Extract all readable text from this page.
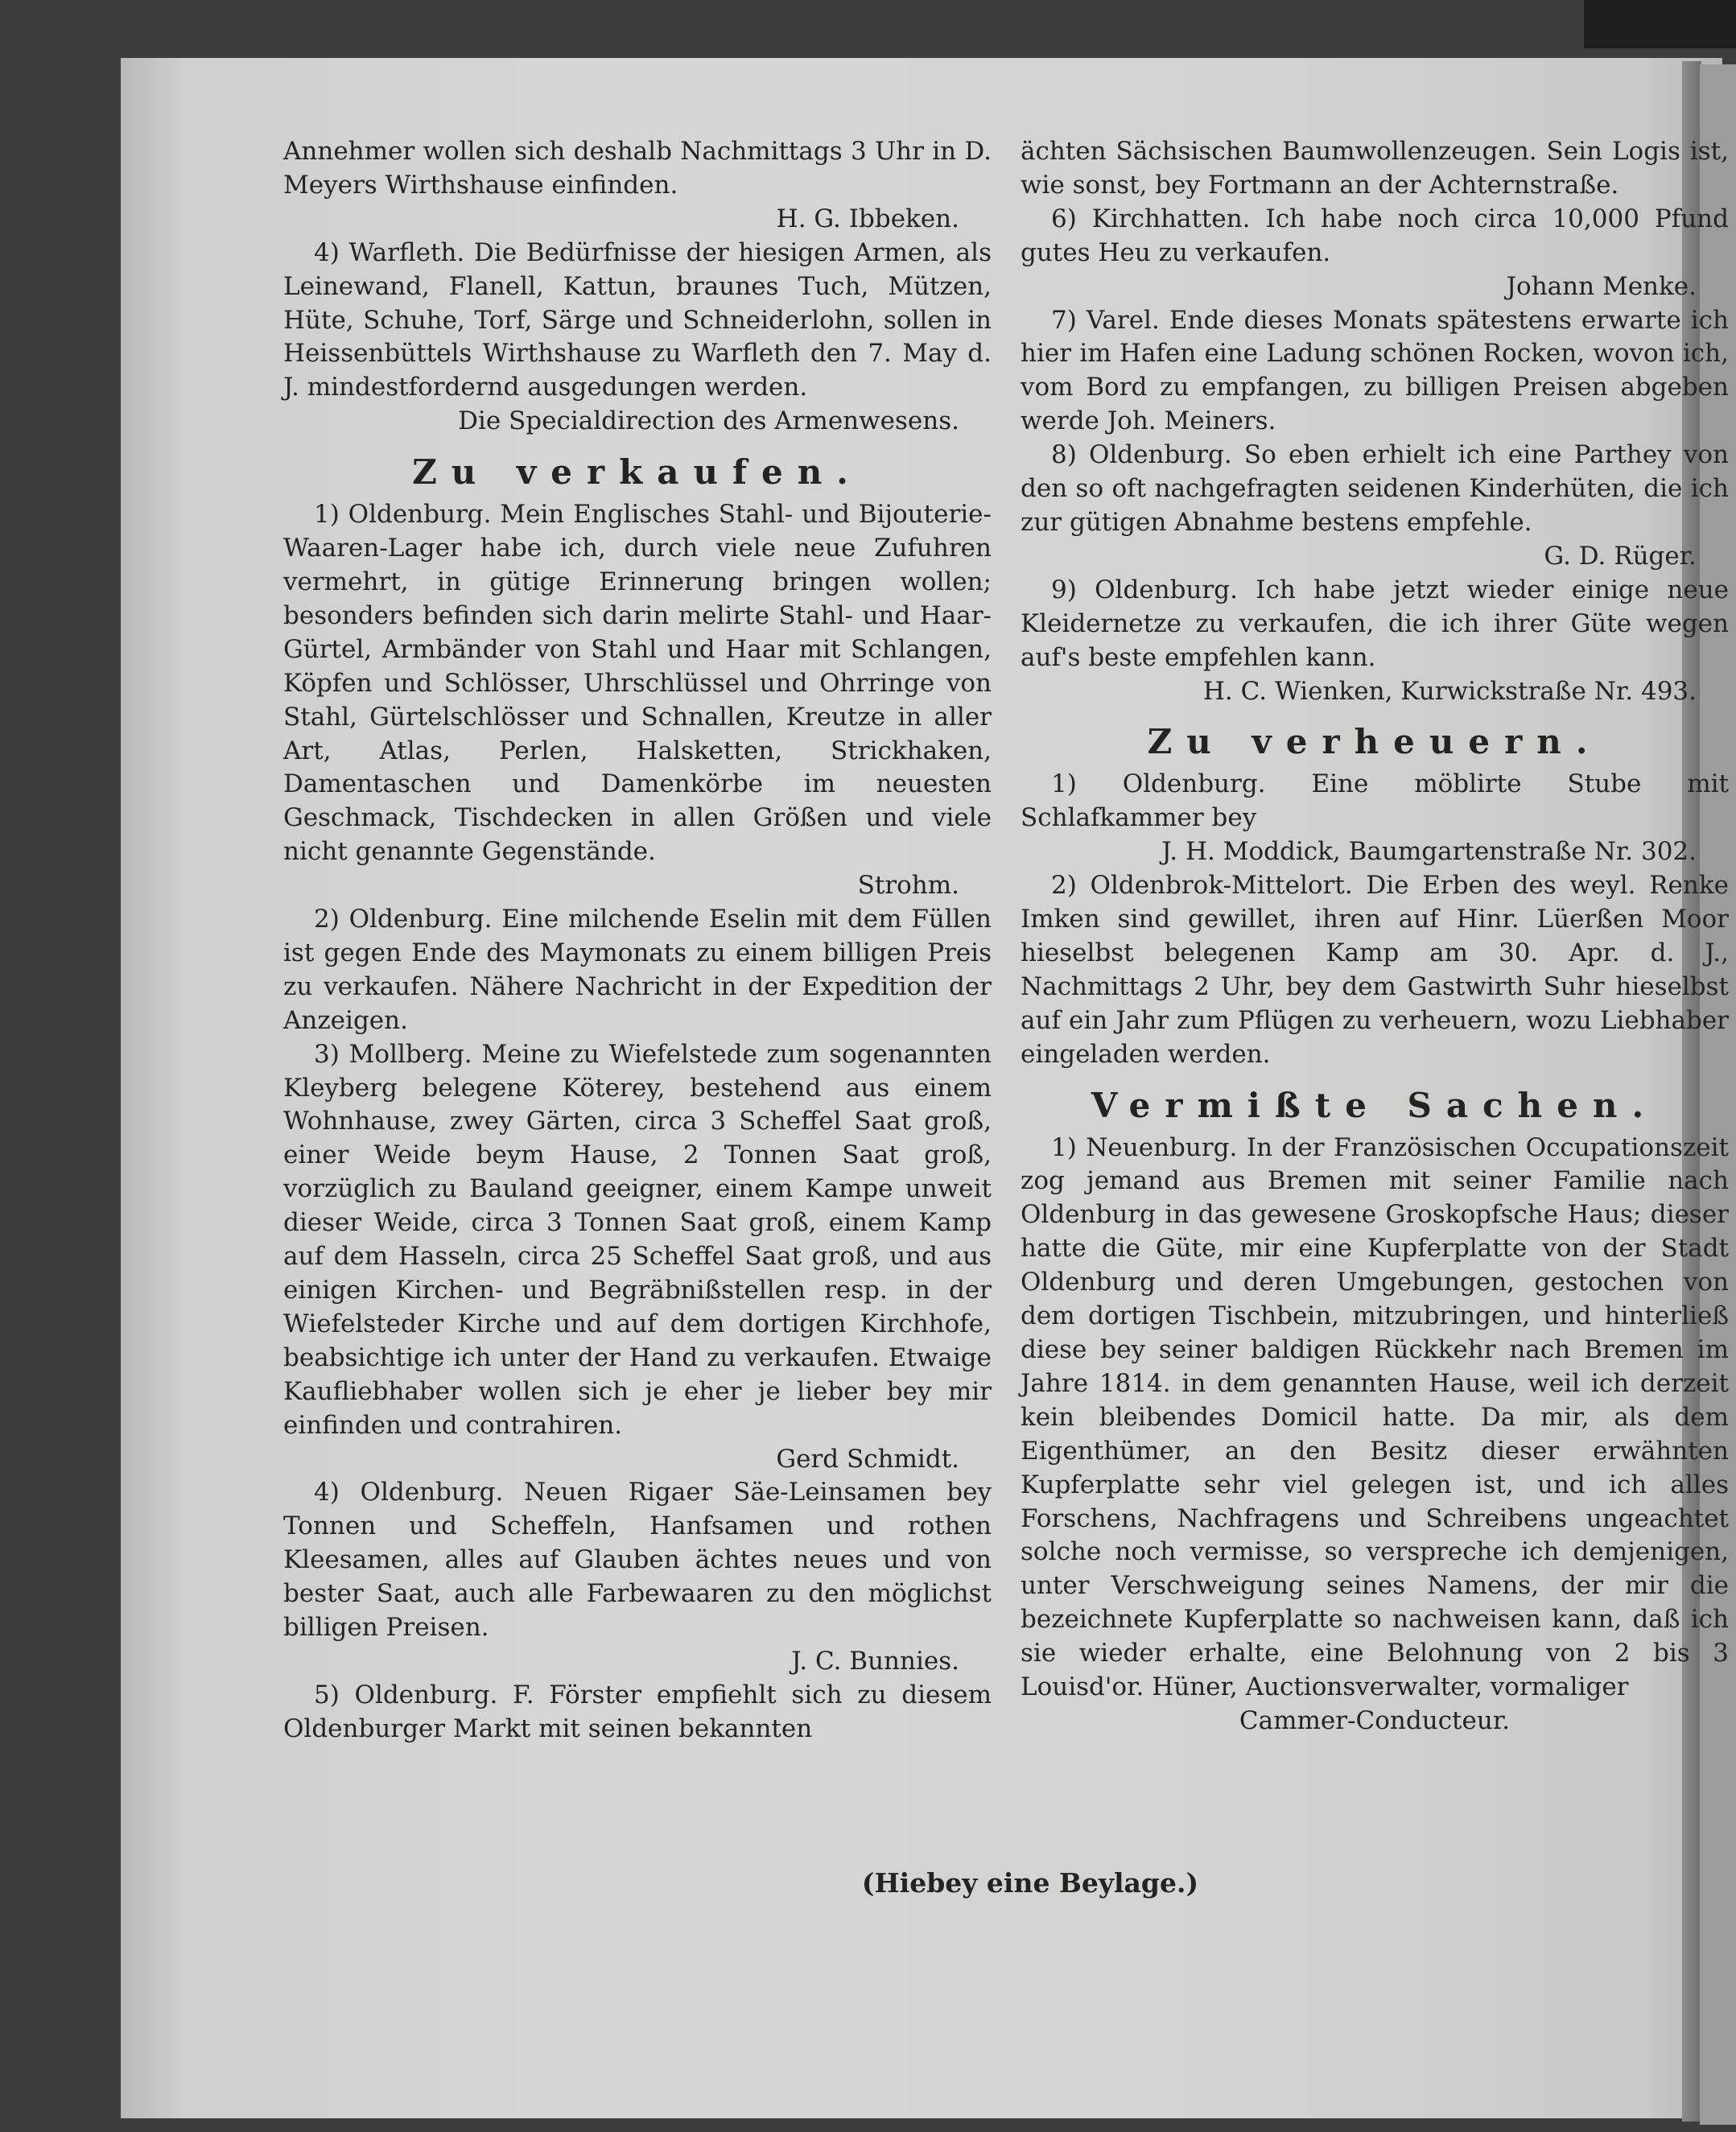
Annehmer wollen sich deshalb Nachmittags 3 Uhr in D. Meyers Wirthshause einfinden.

H. G. Ibbeken.

4) Warfleth. Die Bedürfnisse der hiesigen Armen, als Leinewand, Flanell, Kattun, braunes Tuch, Mützen, Hüte, Schuhe, Torf, Särge und Schneiderlohn, sollen in Heissenbüttels Wirthshause zu Warfleth den 7. May d. J. mindestfordernd ausgedungen werden.

Die Specialdirection des Armenwesens.

Zu verkaufen.

1) Oldenburg. Mein Englisches Stahl- und Bijouterie-Waaren-Lager habe ich, durch viele neue Zufuhren vermehrt, in gütige Erinnerung bringen wollen; besonders befinden sich darin melirte Stahl- und Haar-Gürtel, Armbänder von Stahl und Haar mit Schlangen, Köpfen und Schlösser, Uhrschlüssel und Ohrringe von Stahl, Gürtelschlösser und Schnallen, Kreutze in aller Art, Atlas, Perlen, Halsketten, Strickhaken, Damentaschen und Damenkörbe im neuesten Geschmack, Tischdecken in allen Größen und viele nicht genannte Gegenstände.

Strohm.

2) Oldenburg. Eine milchende Eselin mit dem Füllen ist gegen Ende des Maymonats zu einem billigen Preis zu verkaufen. Nähere Nachricht in der Expedition der Anzeigen.

3) Mollberg. Meine zu Wiefelstede zum sogenannten Kleyberg belegene Köterey, bestehend aus einem Wohnhause, zwey Gärten, circa 3 Scheffel Saat groß, einer Weide beym Hause, 2 Tonnen Saat groß, vorzüglich zu Bauland geeigner, einem Kampe unweit dieser Weide, circa 3 Tonnen Saat groß, einem Kamp auf dem Hasseln, circa 25 Scheffel Saat groß, und aus einigen Kirchen- und Begräbnißstellen resp. in der Wiefelsteder Kirche und auf dem dortigen Kirchhofe, beabsichtige ich unter der Hand zu verkaufen. Etwaige Kaufliebhaber wollen sich je eher je lieber bey mir einfinden und contrahiren.

Gerd Schmidt.

4) Oldenburg. Neuen Rigaer Säe-Leinsamen bey Tonnen und Scheffeln, Hanfsamen und rothen Kleesamen, alles auf Glauben ächtes neues und von bester Saat, auch alle Farbewaaren zu den möglichst billigen Preisen.

J. C. Bunnies.

5) Oldenburg. F. Förster empfiehlt sich zu diesem Oldenburger Markt mit seinen bekannten

ächten Sächsischen Baumwollenzeugen. Sein Logis ist, wie sonst, bey Fortmann an der Achternstraße.

6) Kirchhatten. Ich habe noch circa 10,000 Pfund gutes Heu zu verkaufen.

Johann Menke.

7) Varel. Ende dieses Monats spätestens erwarte ich hier im Hafen eine Ladung schönen Rocken, wovon ich, vom Bord zu empfangen, zu billigen Preisen abgeben werde Joh. Meiners.

8) Oldenburg. So eben erhielt ich eine Parthey von den so oft nachgefragten seidenen Kinderhüten, die ich zur gütigen Abnahme bestens empfehle.

G. D. Rüger.

9) Oldenburg. Ich habe jetzt wieder einige neue Kleidernetze zu verkaufen, die ich ihrer Güte wegen auf's beste empfehlen kann.

H. C. Wienken, Kurwickstraße Nr. 493.

Zu verheuern.

1) Oldenburg. Eine möblirte Stube mit Schlafkammer bey

J. H. Moddick, Baumgartenstraße Nr. 302.

2) Oldenbrok-Mittelort. Die Erben des weyl. Renke Imken sind gewillet, ihren auf Hinr. Lüerßen Moor hieselbst belegenen Kamp am 30. Apr. d. J., Nachmittags 2 Uhr, bey dem Gastwirth Suhr hieselbst auf ein Jahr zum Pflügen zu verheuern, wozu Liebhaber eingeladen werden.

Vermißte Sachen.

1) Neuenburg. In der Französischen Occupationszeit zog jemand aus Bremen mit seiner Familie nach Oldenburg in das gewesene Groskopfsche Haus; dieser hatte die Güte, mir eine Kupferplatte von der Stadt Oldenburg und deren Umgebungen, gestochen von dem dortigen Tischbein, mitzubringen, und hinterließ diese bey seiner baldigen Rückkehr nach Bremen im Jahre 1814. in dem genannten Hause, weil ich derzeit kein bleibendes Domicil hatte. Da mir, als dem Eigenthümer, an den Besitz dieser erwähnten Kupferplatte sehr viel gelegen ist, und ich alles Forschens, Nachfragens und Schreibens ungeachtet solche noch vermisse, so verspreche ich demjenigen, unter Verschweigung seines Namens, der mir die bezeichnete Kupferplatte so nachweisen kann, daß ich sie wieder erhalte, eine Belohnung von 2 bis 3 Louisd'or. Hüner, Auctionsverwalter, vormaliger

Cammer-Conducteur.

(Hiebey eine Beylage.)
